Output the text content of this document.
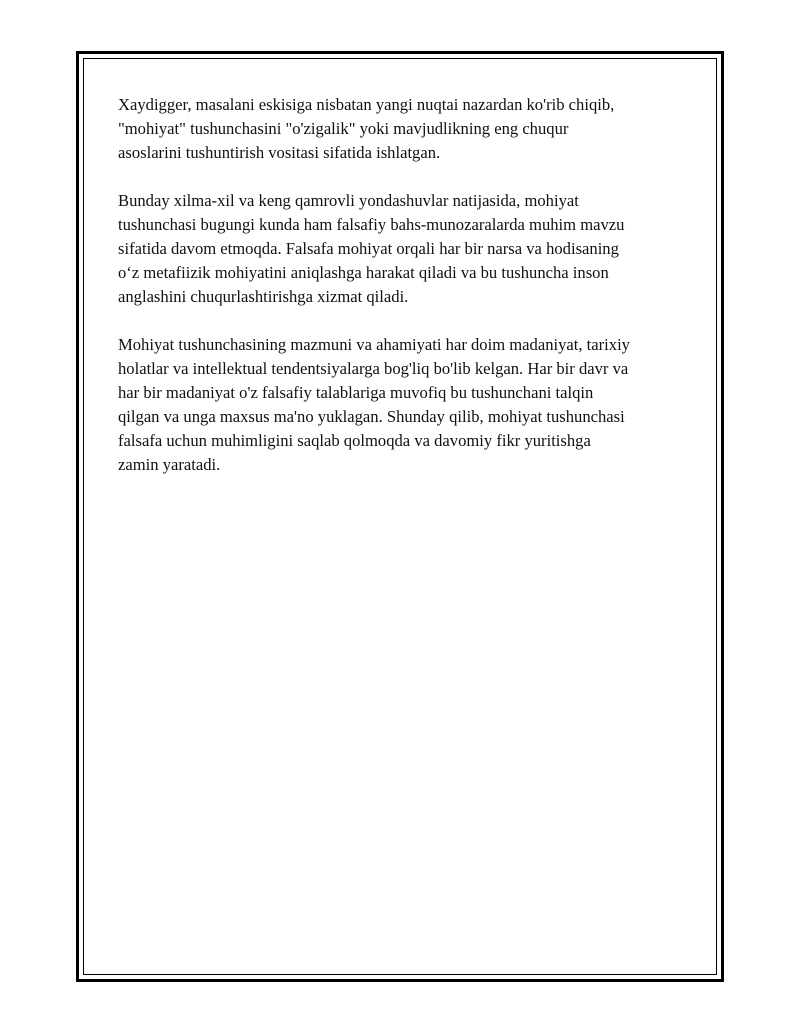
Xaydigger, masalani eskisiga nisbatan yangi nuqtai nazardan ko'rib chiqib,
"mohiyat" tushunchasini "o'zigalik" yoki mavjudlikning eng chuqur
asoslarini tushuntirish vositasi sifatida ishlatgan.

Bunday xilma-xil va keng qamrovli yondashuvlar natijasida, mohiyat
tushunchasi bugungi kunda ham falsafiy bahs-munozaralarda muhim mavzu
sifatida davom etmoqda. Falsafa mohiyat orqali har bir narsa va hodisaning
o‘z metafiizik mohiyatini aniqlashga harakat qiladi va bu tushuncha inson
anglashini chuqurlashtirishga xizmat qiladi.

Mohiyat tushunchasining mazmuni va ahamiyati har doim madaniyat, tarixiy
holatlar va intellektual tendentsiyalarga bog'liq bo'lib kelgan. Har bir davr va
har bir madaniyat o'z falsafiy talablariga muvofiq bu tushunchani talqin
qilgan va unga maxsus ma'no yuklagan. Shunday qilib, mohiyat tushunchasi
falsafa uchun muhimligini saqlab qolmoqda va davomiy fikr yuritishga
zamin yaratadi.
